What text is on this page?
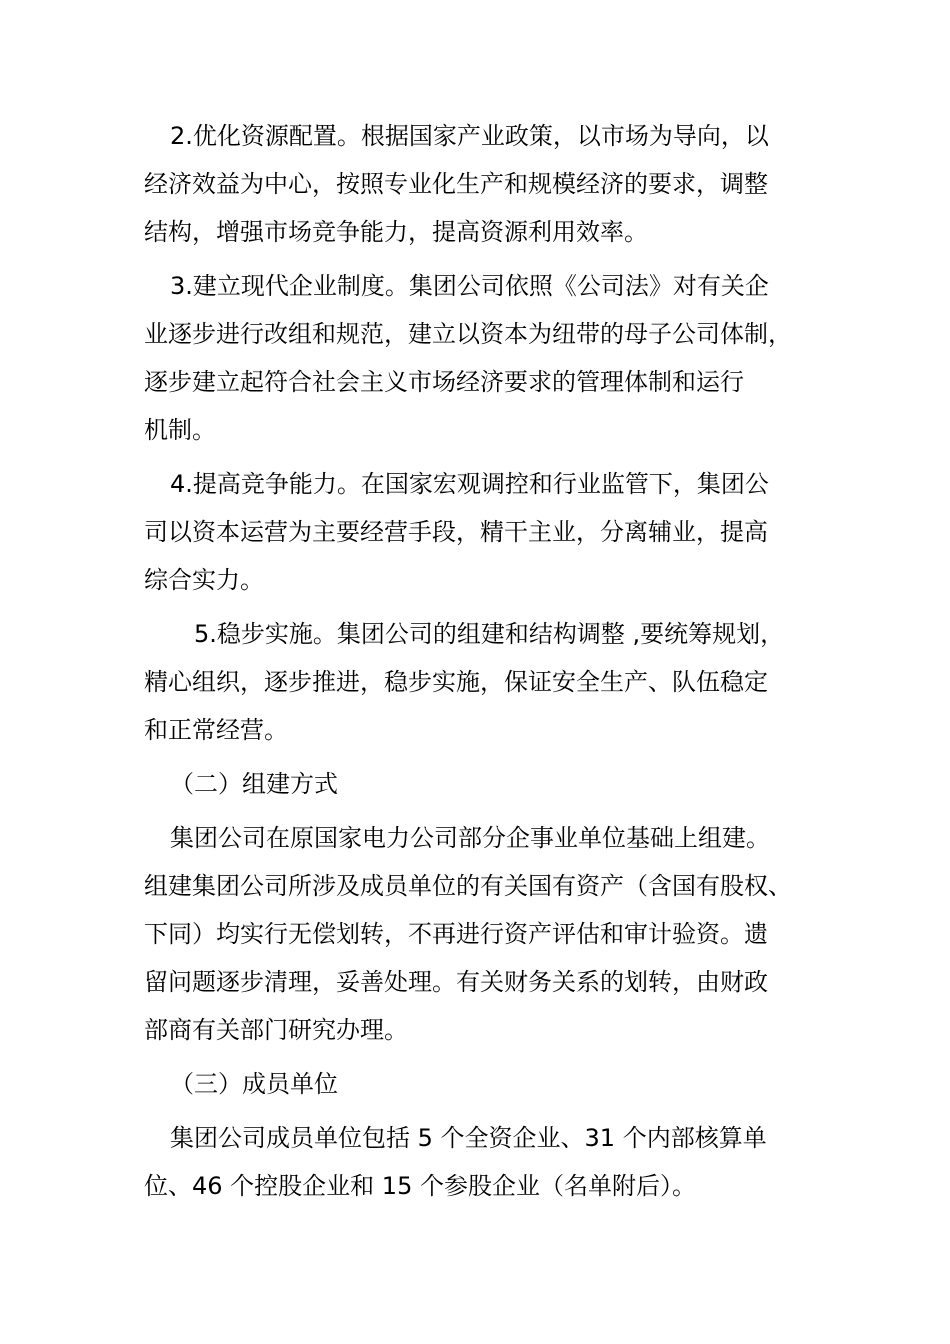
2.优化资源配置。根据国家产业政策，以市场为导向，以
经济效益为中心，按照专业化生产和规模经济的要求，调整
结构，增强市场竞争能力，提高资源利用效率。
3.建立现代企业制度。集团公司依照《公司法》对有关企
业逐步进行改组和规范，建立以资本为纽带的母子公司体制，
逐步建立起符合社会主义市场经济要求的管理体制和运行
机制。
4.提高竞争能力。在国家宏观调控和行业监管下，集团公
司以资本运营为主要经营手段，精干主业，分离辅业，提高
综合实力。
5.稳步实施。集团公司的组建和结构调整 ,要统筹规划，
精心组织，逐步推进，稳步实施，保证安全生产、队伍稳定
和正常经营。
（二）组建方式
集团公司在原国家电力公司部分企事业单位基础上组建。
组建集团公司所涉及成员单位的有关国有资产（含国有股权、
下同）均实行无偿划转，不再进行资产评估和审计验资。遗
留问题逐步清理，妥善处理。有关财务关系的划转，由财政
部商有关部门研究办理。
（三）成员单位
集团公司成员单位包括 5 个全资企业、31 个内部核算单
位、46 个控股企业和 15 个参股企业（名单附后）。
